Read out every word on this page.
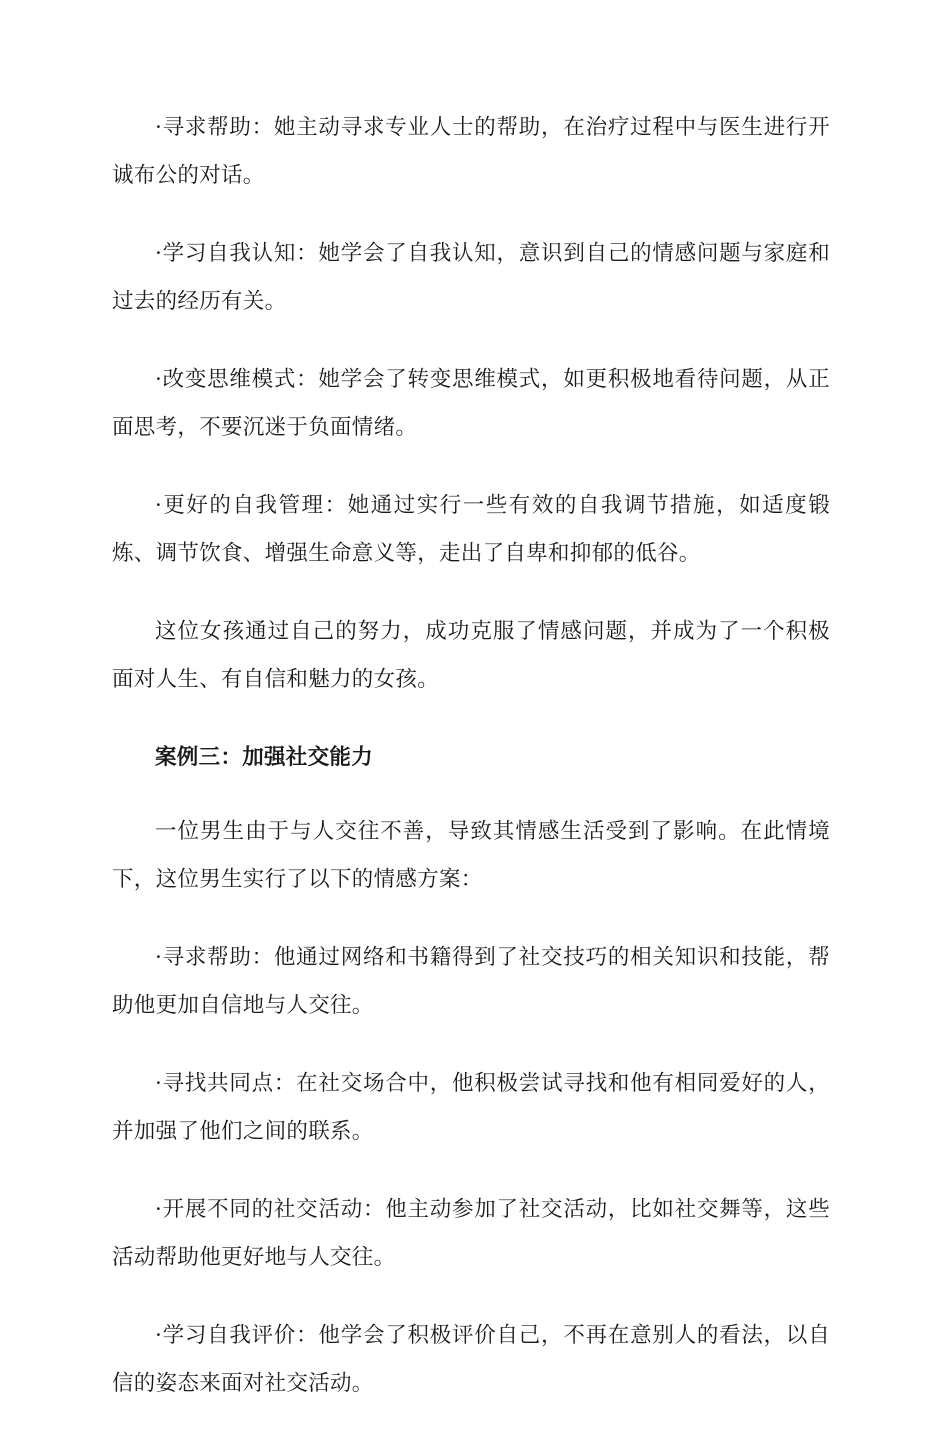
·寻求帮助：她主动寻求专业人士的帮助，在治疗过程中与医生进行开诚布公的对话。

·学习自我认知：她学会了自我认知，意识到自己的情感问题与家庭和过去的经历有关。

·改变思维模式：她学会了转变思维模式，如更积极地看待问题，从正面思考，不要沉迷于负面情绪。

·更好的自我管理：她通过实行一些有效的自我调节措施，如适度锻炼、调节饮食、增强生命意义等，走出了自卑和抑郁的低谷。

这位女孩通过自己的努力，成功克服了情感问题，并成为了一个积极面对人生、有自信和魅力的女孩。

案例三：加强社交能力

一位男生由于与人交往不善，导致其情感生活受到了影响。在此情境下，这位男生实行了以下的情感方案：

·寻求帮助：他通过网络和书籍得到了社交技巧的相关知识和技能，帮助他更加自信地与人交往。

·寻找共同点：在社交场合中，他积极尝试寻找和他有相同爱好的人，并加强了他们之间的联系。

·开展不同的社交活动：他主动参加了社交活动，比如社交舞等，这些活动帮助他更好地与人交往。

·学习自我评价：他学会了积极评价自己，不再在意别人的看法，以自信的姿态来面对社交活动。
